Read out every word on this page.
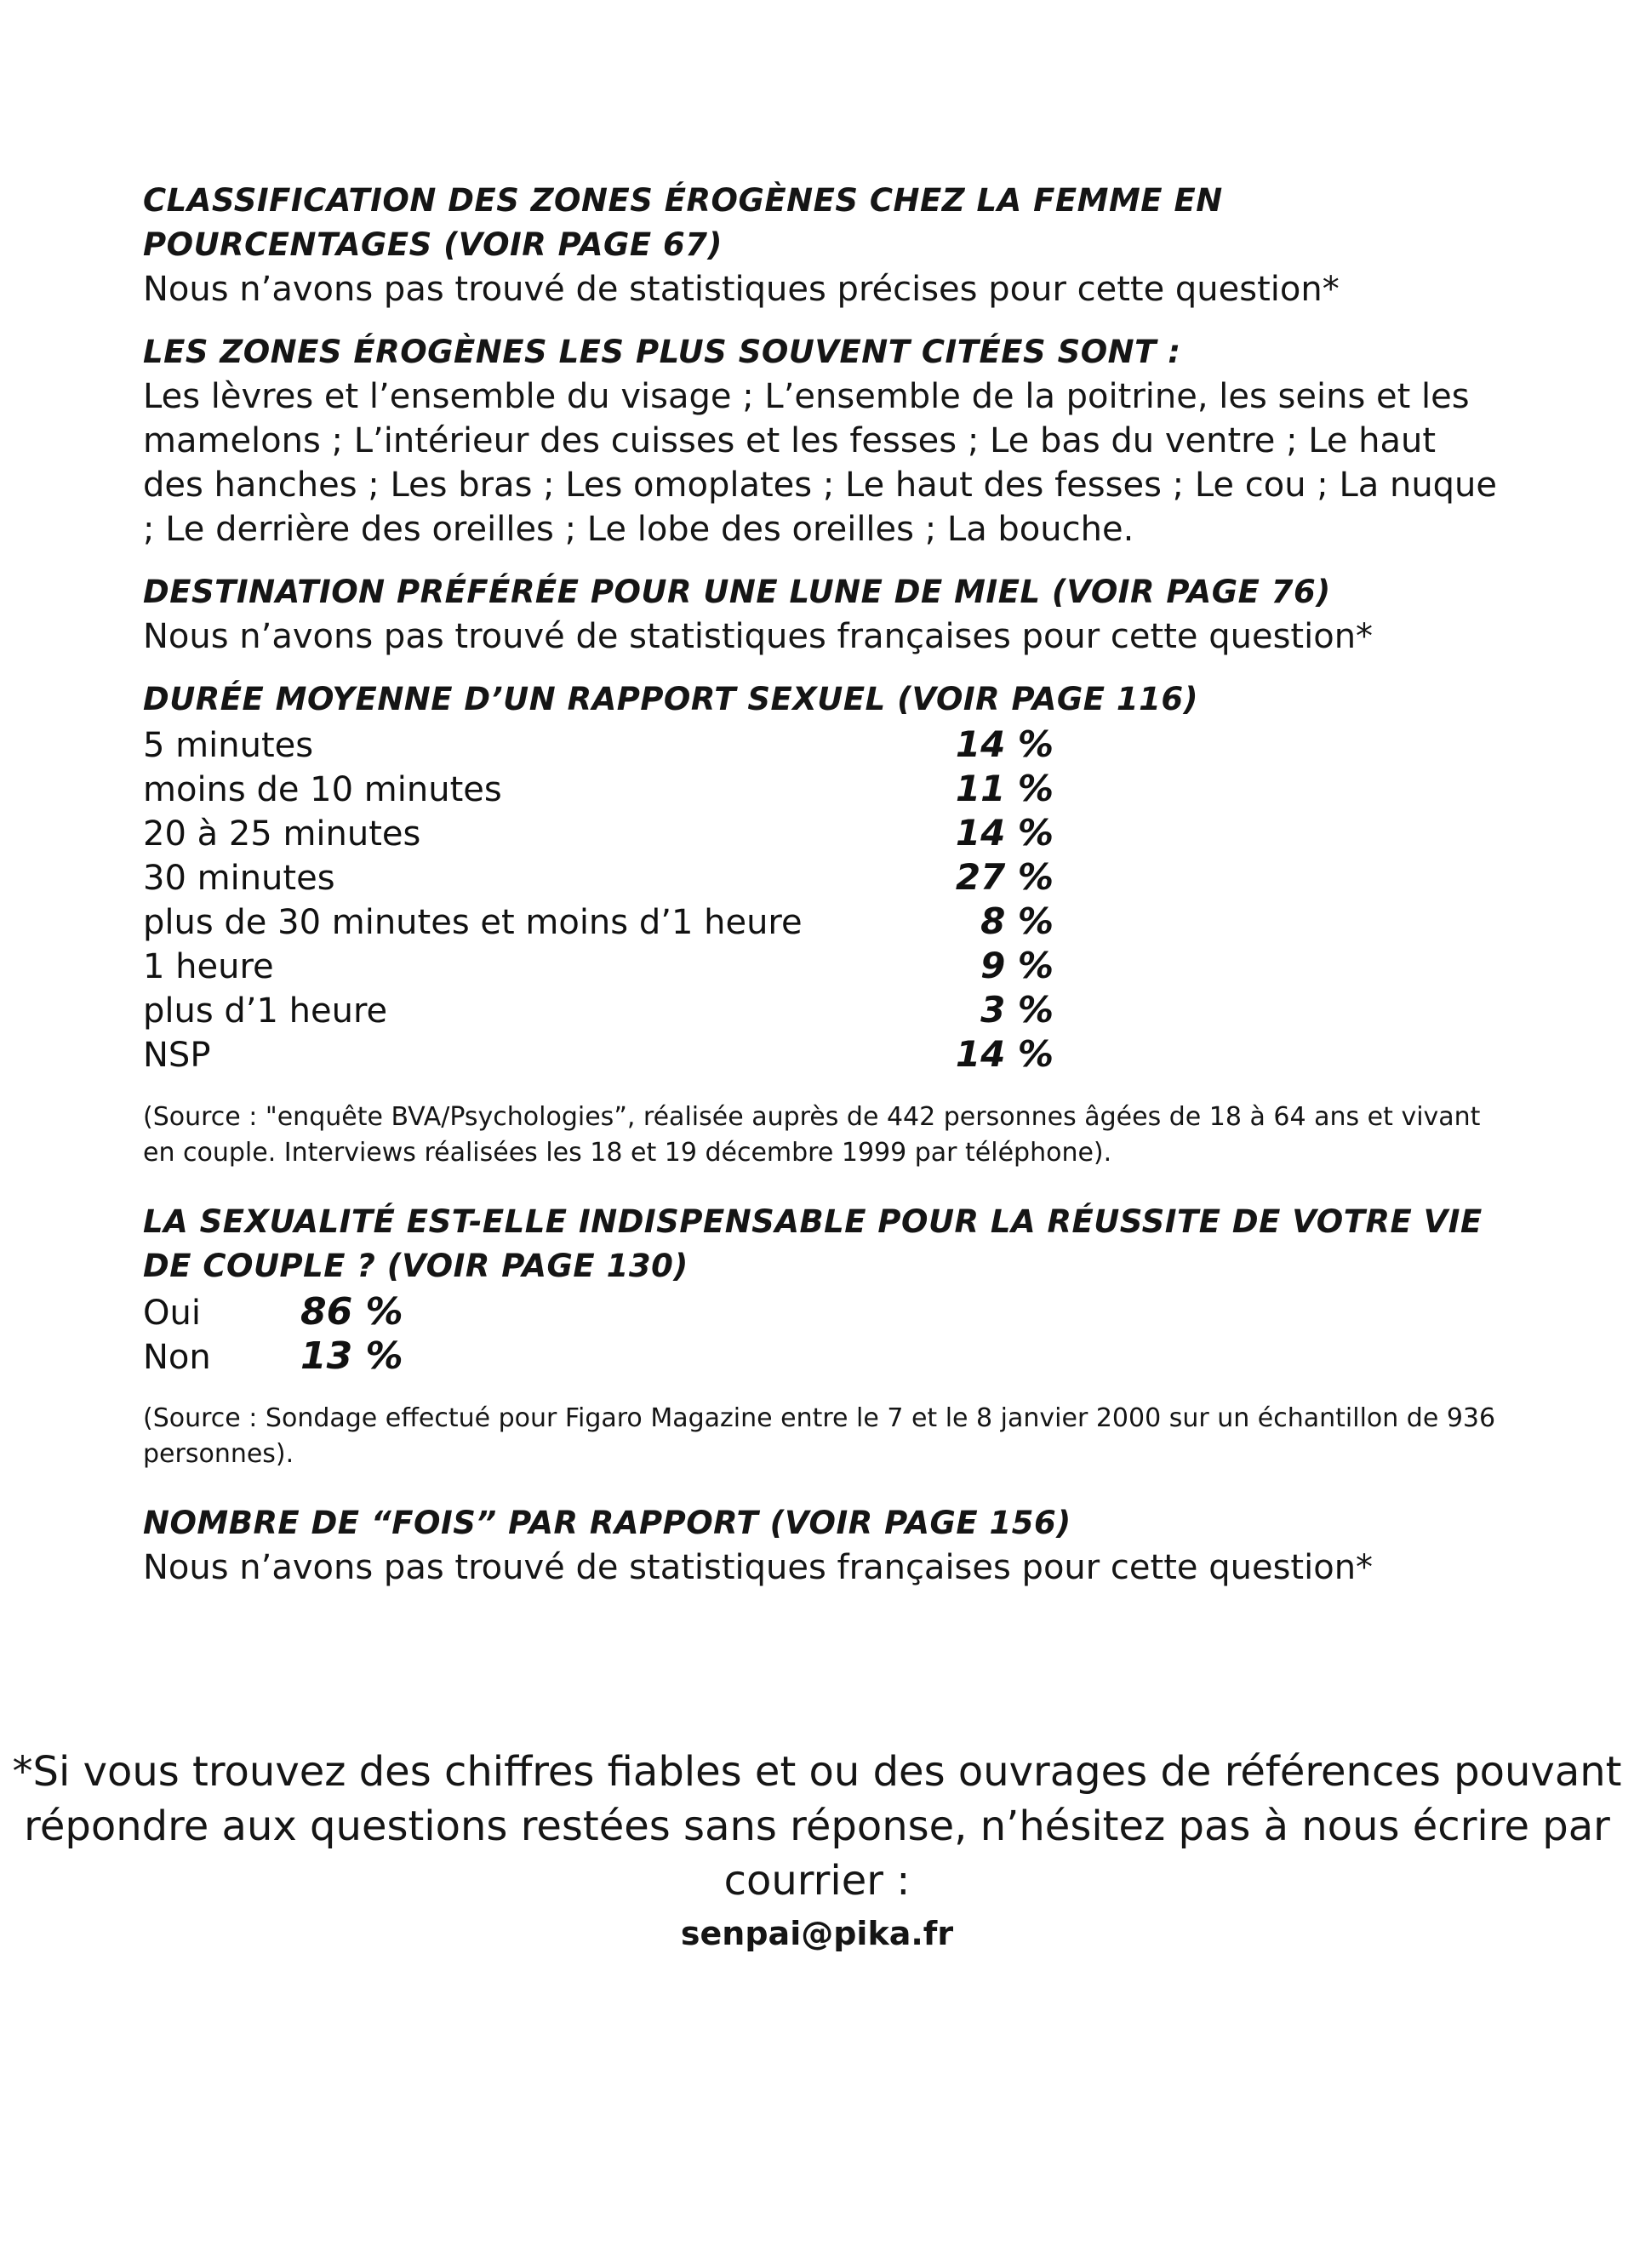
CLASSIFICATION DES ZONES ÉROGÈNES CHEZ LA FEMME EN POURCENTAGES (VOIR PAGE 67)

Nous n’avons pas trouvé de statistiques précises pour cette question*

LES ZONES ÉROGÈNES LES PLUS SOUVENT CITÉES SONT :

Les lèvres et l’ensemble du visage ; L’ensemble de la poitrine, les seins et les mamelons ; L’intérieur des cuisses et les fesses ; Le bas du ventre ; Le haut des hanches ; Les bras ; Les omoplates ; Le haut des fesses ; Le cou ; La nuque ; Le derrière des oreilles ; Le lobe des oreilles ; La bouche.

DESTINATION PRÉFÉRÉE POUR UNE LUNE DE MIEL (VOIR PAGE 76)

Nous n’avons pas trouvé de statistiques françaises pour cette question*

DURÉE MOYENNE D’UN RAPPORT SEXUEL (VOIR PAGE 116)
5 minutes	14 %
moins de 10 minutes	11 %
20 à 25 minutes	14 %
30 minutes	27 %
plus de 30 minutes et moins d’1 heure	8 %
1 heure	9 %
plus d’1 heure	3 %
NSP	14 %

(Source : "enquête BVA/Psychologies”, réalisée auprès de 442 personnes âgées de 18 à 64 ans et vivant en couple. Interviews réalisées les 18 et 19 décembre 1999 par téléphone).

LA SEXUALITÉ EST-ELLE INDISPENSABLE POUR LA RÉUSSITE DE VOTRE VIE DE COUPLE ? (VOIR PAGE 130)
Oui	86 %
Non	13 %

(Source : Sondage effectué pour Figaro Magazine entre le 7 et le 8 janvier 2000 sur un échantillon de 936 personnes).

NOMBRE DE “FOIS” PAR RAPPORT (VOIR PAGE 156)

Nous n’avons pas trouvé de statistiques françaises pour cette question*

*Si vous trouvez des chiffres fiables et ou des ouvrages de références pouvant répondre aux questions restées sans réponse, n’hésitez pas à nous écrire par courrier :
senpai@pika.fr
